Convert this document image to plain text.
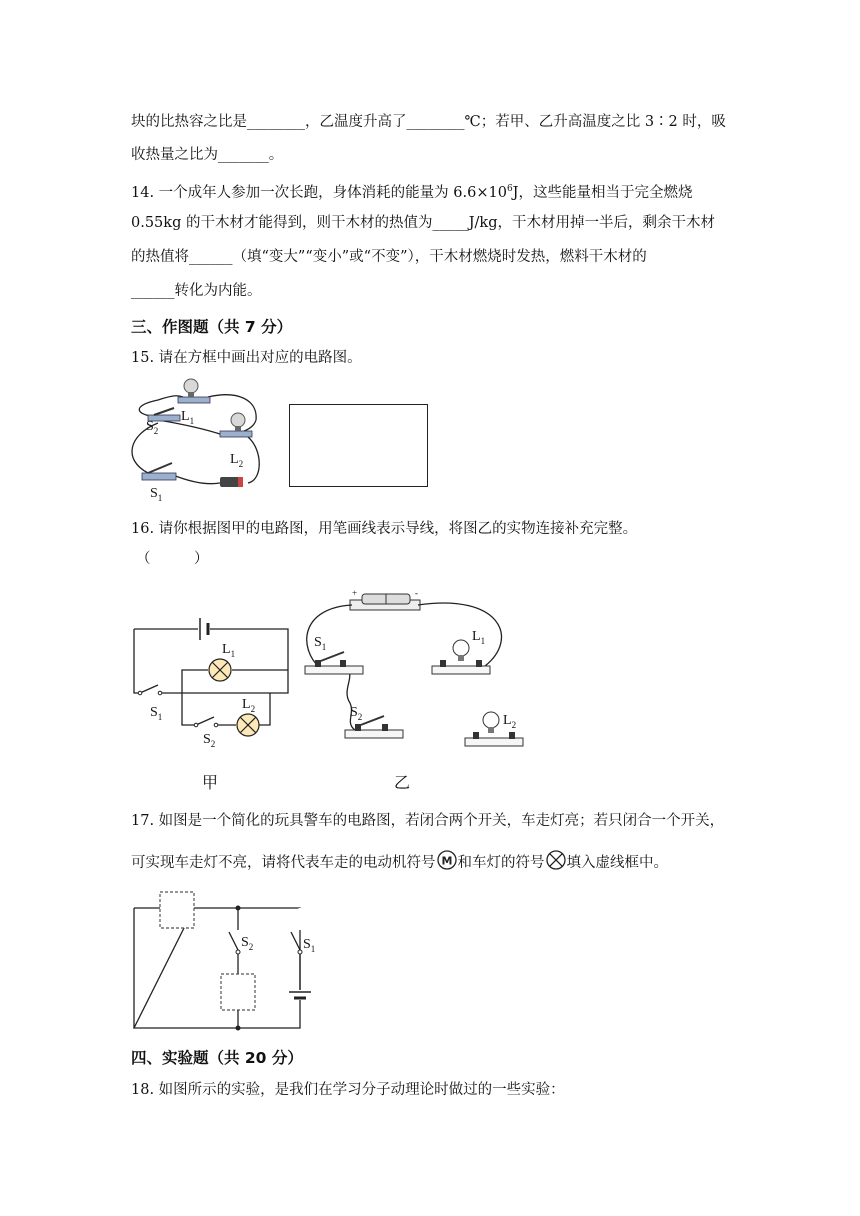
块的比热容之比是________，乙温度升高了________℃；若甲、乙升高温度之比 3∶2 时，吸
收热量之比为_______。
14. 一个成年人参加一次长跑，身体消耗的能量为 $6.6\times 10^6J$，这些能量相当于完全燃烧
0.55kg 的干木材才能得到，则干木材的热值为_____J/kg，干木材用掉一半后，剩余干木材
的热值将______（填“变大”“变小”或“不变”），干木材燃烧时发热，燃料干木材的
______转化为内能。
三、作图题（共 7 分）
15. 请在方框中画出对应的电路图。
$L_1$
$S_2$
$L_2$
$S_1$
16. 请你根据图甲的电路图，用笔画线表示导线，将图乙的实物连接补充完整。
（　　　）
$L_1$
$S_1$
$L_2$
$S_2$
甲
+	-
$S_1$
$L_1$
$S_2$	$L_2$
乙
17. 如图是一个简化的玩具警车的电路图，若闭合两个开关，车走灯亮；若只闭合一个开关，
可实现车走灯不亮，请将代表车走的电动机符号 M 和车灯的符号 填入虚线框中。
$S_2$	$S_1$
四、实验题（共 20 分）
18. 如图所示的实验，是我们在学习分子动理论时做过的一些实验：
